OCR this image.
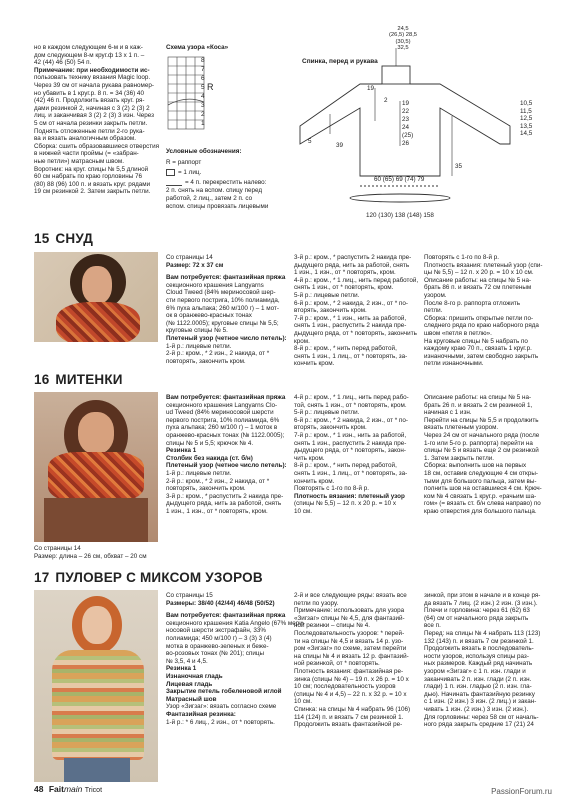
но в каждом следующем 6-м и в каж-
дом следующем 8-м круг.ф 13 х 1 п. –
42 (44) 46 (50) 54 п.
Примечание: при необходимости ис-
пользовать технику вязания Magic loop.
Через 39 см от начала рукава равномер-
но убавить в 1 круг.р. 8 п. = 34 (36) 40
(42) 46 п. Продолжить вязать круг. ря-
дами резинкой 2, начиная с 3 (2) 2 (3) 2
лиц. и заканчивая 3 (2) 2 (3) 3 изн. Через
5 см от начала резинки закрыть петли.
Поднять отложенные петли 2-го рука-
ва и вязать аналогичным образом.
Сборка: сшить образовавшиеся отверстия
в нижней части проймы (= «забран-
ные петли») матрасным швом.
Воротник: на круг. спицы № 5,5 длиной
60 см набрать по краю горловины 76
(80) 88 (96) 100 п. и вязать круг. рядами
19 см резинкой 2. Затем закрыть петли.
Схема узора «Коса»
8
7
6
5
4
3
2
1
R
Условные обозначения:
R = раппорт
= 1 лиц.
= 4 п. перекрестить налево:
2 п. снять на вспом. спицу перед
работой, 2 лиц., затем 2 п. со
вспом. спицы провязать лицевыми
Спинка, перед и рукава
24,5
(26,5) 28,5
(30,5)
32,5
19
5
39
2 19
22
23
24
(25)
26
10,5
11,5
12,5
13,5
14,5
60 (65) 69 (74) 79
35
120 (130) 138 (148) 158
15 СНУД
Со страницы 14
Размер: 72 х 37 см
Вам потребуется: фантазийная пряжа
секционного крашения Langyarns
Cloud Tweed (84% мериносовой шер-
сти первого пострига, 10% полиамида,
6% пуха альпака; 260 м/100 г) – 1 мот-
ок в оранжево-красных тонах
(№ 1122.0005); круговые спицы № 5,5;
круговые спицы № 5.
Плетеный узор (четное число петель):
1-й р.: лицевые петли.
2-й р.: кром., * 2 изн., 2 накида, от *
повторять, закончить кром.
3-й р.: кром., * распустить 2 накида пре-
дыдущего ряда, нить за работой, снять
1 изн., 1 изн., от * повторять, кром.
4-й р.: кром., * 1 лиц., нить перед работой,
снять 1 изн., от * повторять, кром.
5-й р.: лицевые петли.
6-й р.: кром., * 2 накида, 2 изн., от * по-
вторять, закончить кром.
7-й р.: кром., * 1 изн., нить за работой,
снять 1 изн., распустить 2 накида пре-
дыдущего ряда, от * повторять, закончить
кром.
8-й р.: кром., * нить перед работой,
снять 1 изн., 1 лиц., от * повторять, за-
кончить кром.
Повторять с 1-го по 8-й р.
Плотность вязания: плетеный узор (спи-
цы № 5,5) – 12 п. х 20 р. = 10 х 10 см.
Описание работы: на спицы № 5 на-
брать 86 п. и вязать 72 см плетеным
узором.
После 8-го р. раппорта отложить
петли.
Сборка: пришить открытые петли по-
следнего ряда по краю наборного ряда
швом «петля в петлю».
На круговые спицы № 5 набрать по
каждому краю 70 п., связать 1 круг.р.
изнаночными, затем свободно закрыть
петли изнаночными.
16 МИТЕНКИ
Со страницы 14
Размер: длина – 26 см, обхват – 20 см
Вам потребуется: фантазийная пряжа
секционного крашения Langyarns Clo-
ud Tweed (84% мериносовой шерсти
первого пострига, 10% полиамида, 6%
пуха альпака; 260 м/100 г) – 1 моток в
оранжево-красных тонах (№ 1122.0005);
спицы № 5 и 5,5; крючок № 4.
Резинка 1
Столбик без накида (ст. б/н)
Плетеный узор (четное число петель):
1-й р.: лицевые петли.
2-й р.: кром., * 2 изн., 2 накида, от *
повторять, закончить кром.
3-й р.: кром., * распустить 2 накида пре-
дыдущего ряда, нить за работой, снять
1 изн., 1 изн., от * повторять, кром.
4-й р.: кром., * 1 лиц., нить перед рабо-
той, снять 1 изн., от * повторять, кром.
5-й р.: лицевые петли.
6-й р.: кром., * 2 накида, 2 изн., от * по-
вторять, закончить кром.
7-й р.: кром., * 1 изн., нить за работой,
снять 1 изн., распустить 2 накида пре-
дыдущего ряда, от * повторять, закон-
чить кром.
8-й р.: кром., * нить перед работой,
снять 1 изн., 1 лиц., от * повторять, за-
кончить кром.
Повторять с 1-го по 8-й р.
Плотность вязания: плетеный узор
(спицы № 5,5) – 12 п. х 20 р. = 10 х
10 см.
Описание работы: на спицы № 5 на-
брать 26 п. и вязать 2 см резинкой 1,
начиная с 1 изн.
Перейти на спицы № 5,5 и продолжить
вязать плетеным узором.
Через 24 см от начального ряда (после
1-го или 5-го р. раппорта) перейти на
спицы № 5 и вязать еще 2 см резинкой
1. Затем закрыть петли.
Сборка: выполнить шов на первых
18 см, оставив следующие 4 см откры-
тыми для большого пальца, затем вы-
полнить шов на оставшиеся 4 см. Крюч-
ком № 4 связать 1 круг.р. «рачьим ша-
гом» (= вязать ст. б/н слева направо) по
краю отверстия для большого пальца.
17 ПУЛОВЕР С МИКСОМ УЗОРОВ
Со страницы 15
Размеры: 38/40 (42/44) 46/48 (50/52)
Вам потребуется: фантазийная пряжа
секционного крашения Katia Angelo (67% мери-
носовой шерсти экстрафайн, 33%
полиамида; 450 м/100 г) – 3 (3) 3 (4)
мотка в оранжево-зеленых и беже-
во-розовых тонах (№ 201); спицы
№ 3,5, 4 и 4,5.
Резинка 1
Изнаночная гладь
Лицевая гладь
Закрытие петель гобеленовой иглой
Матрасный шов
Узор «Зигзаг»: вязать согласно схеме
Фантазийная резинка:
1-й р.: * 6 лиц., 2 изн., от * повторять.
2-й и все следующие ряды: вязать все
петли по узору.
Примечание: использовать для узора
«Зигзаг» спицы № 4,5, для фантазий-
ной резинки – спицы № 4.
Последовательность узоров: * перей-
ти на спицы № 4,5 и вязать 14 р. узо-
ром «Зигзаг» по схеме, затем перейти
на спицы № 4 и вязать 12 р. фантазий-
ной резинкой, от * повторять.
Плотность вязания: фантазийная ре-
зинка (спицы № 4) – 19 п. х 26 р. = 10 х
10 см; последовательность узоров
(спицы № 4 и 4,5) – 22 п. х 32 р. = 10 х
10 см.
Спинка: на спицы № 4 набрать 96 (106)
114 (124) п. и вязать 7 см резинкой 1.
Продолжить вязать фантазийной ре-
зинкой, при этом в начале и в конце ря-
да вязать 7 лиц. (2 изн.) 2 изн. (3 изн.).
Плечи и горловина: через 61 (62) 63
(64) см от начального ряда закрыть
все п.
Перед: на спицы № 4 набрать 113 (123)
132 (143) п. и вязать 7 см резинкой 1.
Продолжить вязать в последователь-
ности узоров, используя спицы раз-
ных размеров. Каждый ряд начинать
узором «Зигзаг» с 1 п. изн. глади и
заканчивать 2 п. изн. глади (2 п. изн.
глади) 1 п. изн. гладью (2 п. изн. гла-
дью). Начинать фантазийную резинку
с 1 изн. (2 изн.) 3 изн. (2 лиц.) и закан-
чивать 1 изн. (2 изн.) 3 изн. (2 изн.).
Для горловины: через 58 см от началь-
ного ряда закрыть средние 17 (21) 24
48 Faitmain Tricot	PassionForum.ru
